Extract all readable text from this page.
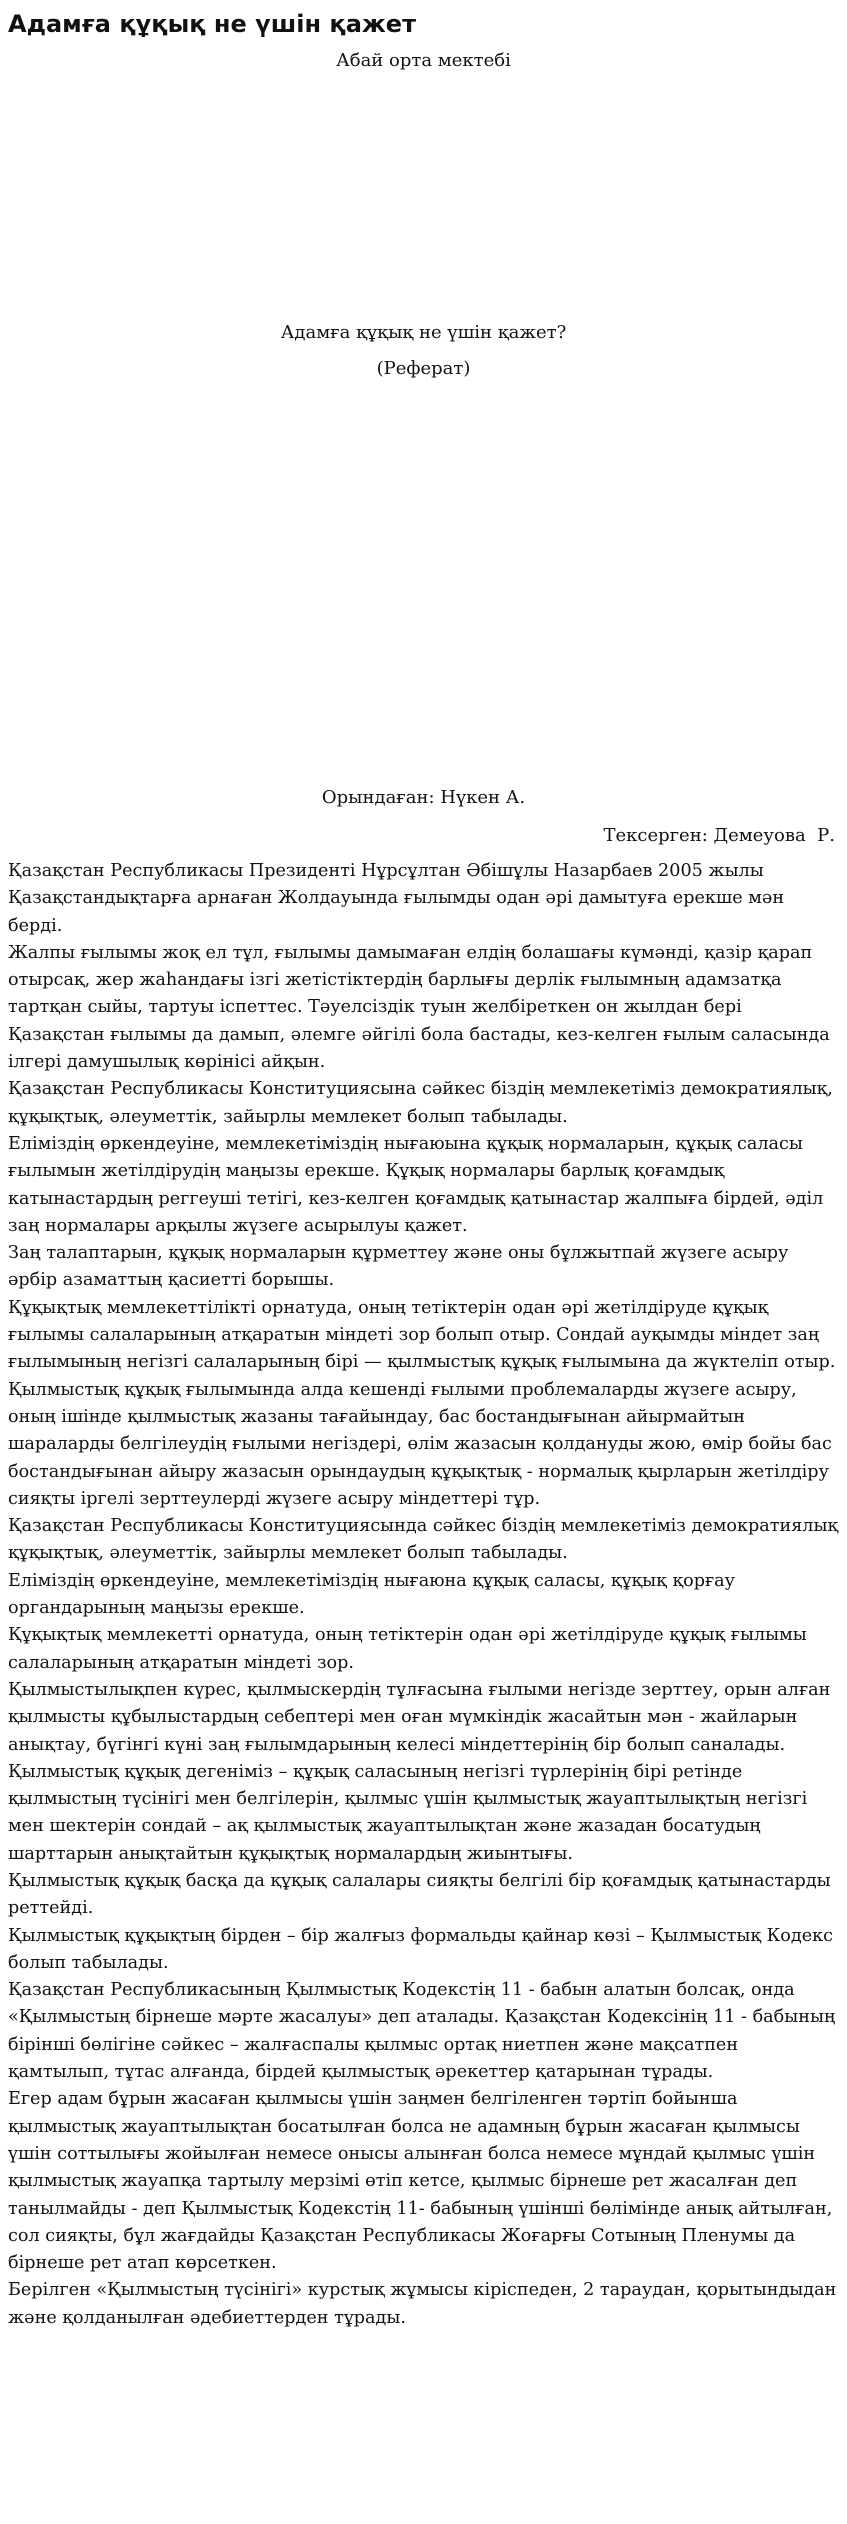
Адамға құқық не үшін қажет
Абай орта мектебі
Адамға құқық не үшін қажет?
(Реферат)
Орындаған: Нүкен А.
Тексерген: Демеуова  Р.

Қазақстан Республикасы Президенті Нұрсұлтан Әбішұлы Назарбаев 2005 жылы Қазақстандықтарға арнаған Жолдауында ғылымды одан әрі дамытуға ерекше мән берді.

Жалпы ғылымы жоқ ел тұл, ғылымы дамымаған елдің болашағы күмәнді, қазір қарап отырсақ, жер жаһандағы ізгі жетістіктердің барлығы дерлік ғылымның адамзатқа тартқан сыйы, тартуы іспеттес. Тәуелсіздік туын желбіреткен он жылдан бері Қазақстан ғылымы да дамып, әлемге әйгілі бола бастады, кез-келген ғылым саласында ілгері дамушылық көрінісі айқын.

Қазақстан Республикасы Конституциясына сәйкес біздің мемлекетіміз демократиялық, құқықтық, әлеуметтік, зайырлы мемлекет болып табылады.

Еліміздің өркендеуіне, мемлекетіміздің нығаюына құқық нормаларын, құқық саласы ғылымын жетілдірудің маңызы ерекше. Құқық нормалары барлық қоғамдық катынастардың реггеушi тетiгi, кез-келген қоғамдық қатынастар жалпыға бірдей, әділ заң нормалары арқылы жүзеге асырылуы қажет.

Заң талаптарын, құқық нормаларын құрметтеу және оны бұлжытпай жүзеге асыру әрбір азаматтың қасиетті борышы.

Құқықтық мемлекеттілікті орнатуда, оның тетіктерін одан әрі жетілдіруде құқық ғылымы салаларының атқаратын міндеті зор болып отыр. Сондай ауқымды міндет заң ғылымының негізгі салаларының бірі — қылмыстық құқық ғылымына да жүктеліп отыр. Қылмыстық құқық ғылымында алда кешенді ғылыми проблемаларды жүзеге асыру, оның ішінде қылмыстық жазаны тағайындау, бас бостандығынан айырмайтын шараларды белгілеудің ғылыми негіздері, өлім жазасын қолдануды жою, өмір бойы бас бостандығынан айыру жазасын орындаудың құқықтық - нормалық қырларын жетілдіру сияқты іргелі зерттеулерді жүзеге асыру міндеттері тұр.

Қазақстан Республикасы Конституциясында сәйкес біздің мемлекетіміз демократиялық құқықтық, әлеуметтік, зайырлы мемлекет болып табылады.

Еліміздің өркендеуіне, мемлекетіміздің нығаюна құқық саласы, құқық қорғау органдарының маңызы ерекше.

Құқықтық мемлекетті орнатуда, оның тетіктерін одан әрі жетілдіруде құқық ғылымы салаларының атқаратын міндеті зор.

Қылмыстылықпен күрес, қылмыскердің тұлғасына ғылыми негізде зерттеу, орын алған қылмысты құбылыстардың себептері мен оған мүмкіндік жасайтын мән - жайларын анықтау, бүгінгі күні заң ғылымдарының келесі міндеттерінің бір болып саналады.

Қылмыстық құқық дегеніміз – құқық саласының негізгі түрлерінің бірі ретінде қылмыстың түсінігі мен белгілерін, қылмыс үшін қылмыстық жауаптылықтың негізгі мен шектерін сондай – ақ қылмыстық жауаптылықтан және жазадан босатудың шарттарын анықтайтын құқықтық нормалардың жиынтығы.

Қылмыстық құқық басқа да құқық салалары сияқты белгілі бір қоғамдық қатынастарды реттейді.

Қылмыстық құқықтың бірден – бір жалғыз формальды қайнар көзі – Қылмыстық Кодекс болып табылады.

Қазақстан Республикасының Қылмыстық Кодекстің 11 - бабын алатын болсақ, онда «Қылмыстың бірнеше мәрте жасалуы» деп аталады. Қазақстан Кодексінің 11 - бабының бірінші бөлігіне сәйкес – жалғаспалы қылмыс ортақ ниетпен және мақсатпен қамтылып, тұтас алғанда, бірдей қылмыстық әрекеттер қатарынан тұрады.

Егер адам бұрын жасаған қылмысы үшін заңмен белгіленген тәртіп бойынша қылмыстық жауаптылықтан босатылған болса не адамның бұрын жасаған қылмысы үшін соттылығы жойылған немесе онысы алынған болса немесе мұндай қылмыс үшін қылмыстық жауапқа тартылу мерзімі өтіп кетсе, қылмыс бірнеше рет жасалған деп танылмайды - деп Қылмыстық Кодекстің 11- бабының үшінші бөлімінде анық айтылған, сол сияқты, бұл жағдайды Қазақстан Республикасы Жоғарғы Сотының Пленумы да бірнеше рет атап көрсеткен.

Берілген «Қылмыстың түсінігі» курстық жұмысы кіріспеден, 2 тараудан, қорытындыдан және қолданылған әдебиеттерден тұрады.
